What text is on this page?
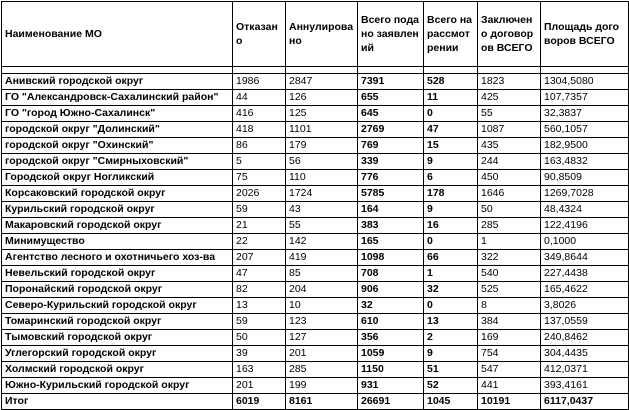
Наименование МО	Отказано	Аннулировано	Всего подано заявлений	Всего на рассмотрении	Заключено договоров ВСЕГО	Площадь договоров ВСЕГО

Анивский городской округ	1986	2847	7391	528	1823	1304,5080
ГО "Александровск-Сахалинский район"	44	126	655	11	425	107,7357
ГО "город Южно-Сахалинск"	416	125	645	0	55	32,3837
городской округ "Долинский"	418	1101	2769	47	1087	560,1057
городской округ "Охинский"	86	179	769	15	435	182,9500
городской округ "Смирныховский"	5	56	339	9	244	163,4832
Городской округ Ногликский	75	110	776	6	450	90,8509
Корсаковский городской округ	2026	1724	5785	178	1646	1269,7028
Курильский городской округ	59	43	164	9	50	48,4324
Макаровский городской округ	21	55	383	16	285	122,4196
Минимущество	22	142	165	0	1	0,1000
Агентство лесного и охотничьего хоз-ва	207	419	1098	66	322	349,8644
Невельский городской округ	47	85	708	1	540	227,4438
Поронайский городской округ	82	204	906	32	525	165,4622
Северо-Курильский городской округ	13	10	32	0	8	3,8026
Томаринский городской округ	59	123	610	13	384	137,0559
Тымовский городской округ	50	127	356	2	169	240,8462
Углегорский городской округ	39	201	1059	9	754	304,4435
Холмский городской округ	163	285	1150	51	547	412,0371
Южно-Курильский городской округ	201	199	931	52	441	393,4161
Итог	6019	8161	26691	1045	10191	6117,0437
